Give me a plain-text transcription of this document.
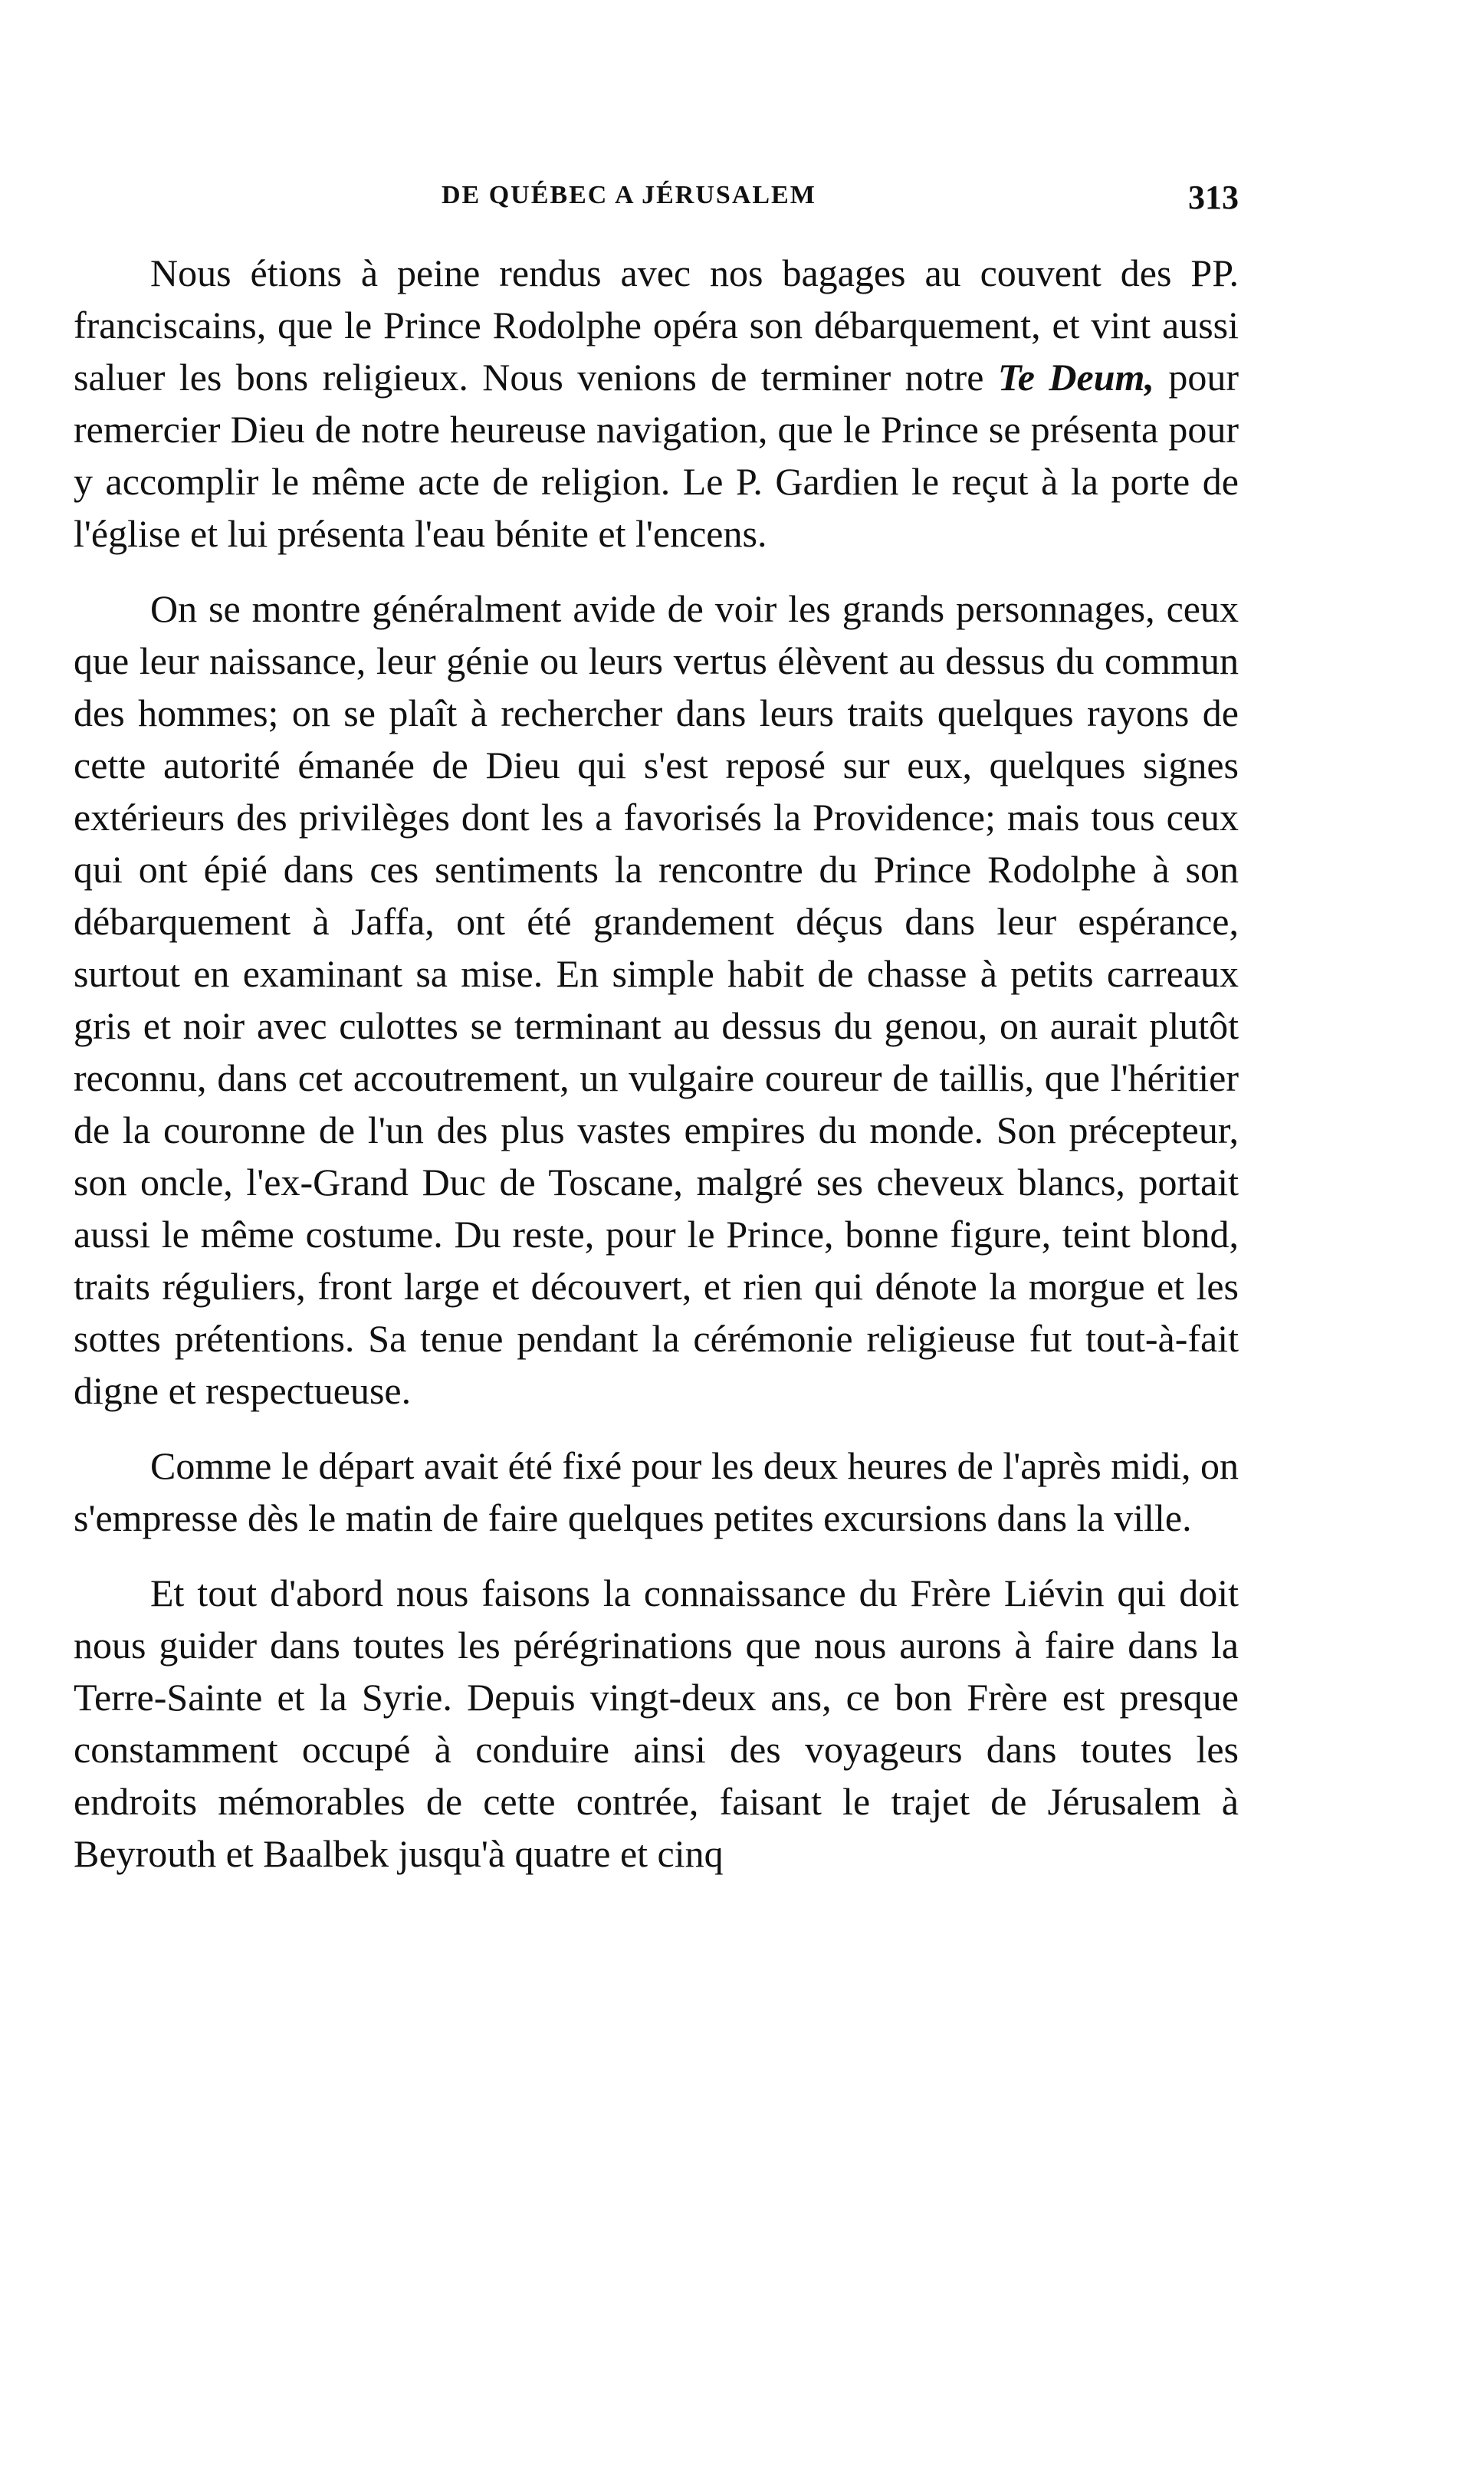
DE QUÉBEC A JÉRUSALEM	313

Nous étions à peine rendus avec nos bagages au couvent des PP. franciscains, que le Prince Rodolphe opéra son débarquement, et vint aussi saluer les bons religieux. Nous venions de terminer notre Te Deum, pour remercier Dieu de notre heureuse navigation, que le Prince se présenta pour y accomplir le même acte de religion. Le P. Gardien le reçut à la porte de l'église et lui présenta l'eau bénite et l'encens.

On se montre généralment avide de voir les grands personnages, ceux que leur naissance, leur génie ou leurs vertus élèvent au dessus du commun des hommes; on se plaît à rechercher dans leurs traits quelques rayons de cette autorité émanée de Dieu qui s'est reposé sur eux, quelques signes extérieurs des privilèges dont les a favorisés la Providence; mais tous ceux qui ont épié dans ces sentiments la rencontre du Prince Rodolphe à son débarquement à Jaffa, ont été grandement déçus dans leur espérance, surtout en examinant sa mise. En simple habit de chasse à petits carreaux gris et noir avec culottes se terminant au dessus du genou, on aurait plutôt reconnu, dans cet accoutrement, un vulgaire coureur de taillis, que l'héritier de la couronne de l'un des plus vastes empires du monde. Son précepteur, son oncle, l'ex-Grand Duc de Toscane, malgré ses cheveux blancs, portait aussi le même costume. Du reste, pour le Prince, bonne figure, teint blond, traits réguliers, front large et découvert, et rien qui dénote la morgue et les sottes prétentions. Sa tenue pendant la cérémonie religieuse fut tout-à-fait digne et respectueuse.

Comme le départ avait été fixé pour les deux heures de l'après midi, on s'empresse dès le matin de faire quelques petites excursions dans la ville.

Et tout d'abord nous faisons la connaissance du Frère Liévin qui doit nous guider dans toutes les pérégrinations que nous aurons à faire dans la Terre-Sainte et la Syrie. Depuis vingt-deux ans, ce bon Frère est presque constamment occupé à conduire ainsi des voyageurs dans toutes les endroits mémorables de cette contrée, faisant le trajet de Jérusalem à Beyrouth et Baalbek jusqu'à quatre et cinq
